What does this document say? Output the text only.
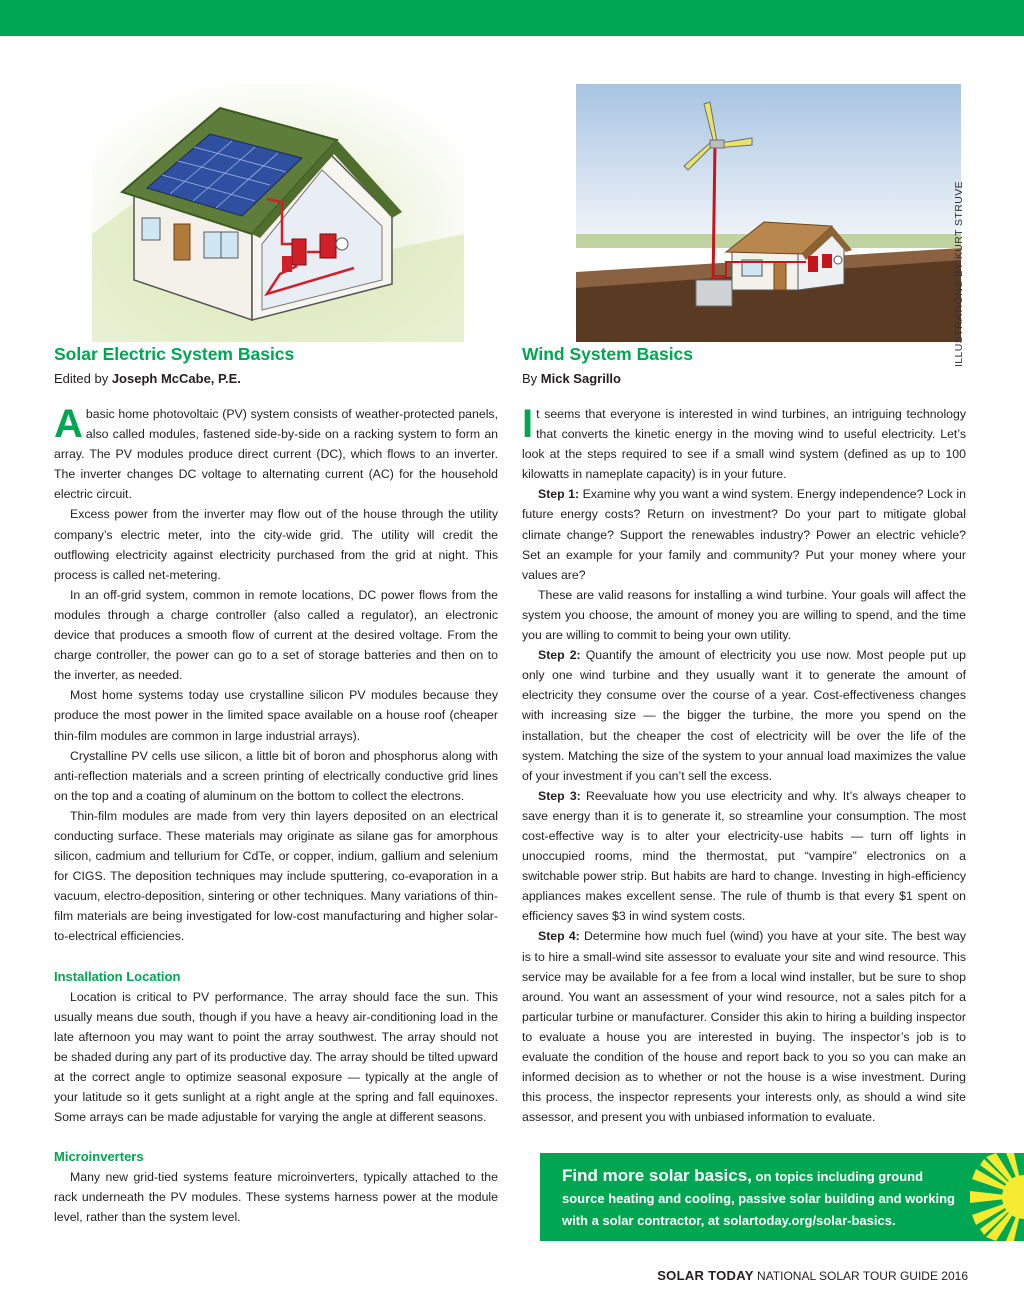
ILLUSTRATIONS BY KURT STRUVE
Solar Electric System Basics
Edited by Joseph McCabe, P.E.

Abasic home photovoltaic (PV) system consists of weather-protected panels, also called modules, fastened side-by-side on a racking system to form an array. The PV modules produce direct current (DC), which flows to an inverter. The inverter changes DC voltage to alternating current (AC) for the household electric circuit.

Excess power from the inverter may flow out of the house through the utility company’s electric meter, into the city-wide grid. The utility will credit the outflowing electricity against electricity purchased from the grid at night. This process is called net-metering.

In an off-grid system, common in remote locations, DC power flows from the modules through a charge controller (also called a regulator), an electronic device that produces a smooth flow of current at the desired voltage. From the charge controller, the power can go to a set of storage batteries and then on to the inverter, as needed.

Most home systems today use crystalline silicon PV modules because they produce the most power in the limited space available on a house roof (cheaper thin-film modules are common in large industrial arrays).

Crystalline PV cells use silicon, a little bit of boron and phosphorus along with anti-reflection materials and a screen printing of electrically conductive grid lines on the top and a coating of aluminum on the bottom to collect the electrons.

Thin-film modules are made from very thin layers deposited on an electrical conducting surface. These materials may originate as silane gas for amorphous silicon, cadmium and tellurium for CdTe, or copper, indium, gallium and selenium for CIGS. The deposition techniques may include sputtering, co-evaporation in a vacuum, electro-deposition, sintering or other techniques. Many variations of thin-film materials are being investigated for low-cost manufacturing and higher solar-to-electrical efficiencies.

Installation Location

Location is critical to PV performance. The array should face the sun. This usually means due south, though if you have a heavy air-conditioning load in the late afternoon you may want to point the array southwest. The array should not be shaded during any part of its productive day. The array should be tilted upward at the correct angle to optimize seasonal exposure — typically at the angle of your latitude so it gets sunlight at a right angle at the spring and fall equinoxes. Some arrays can be made adjustable for varying the angle at different seasons.

Microinverters

Many new grid-tied systems feature microinverters, typically attached to the rack underneath the PV modules. These systems harness power at the module level, rather than the system level.

Wind System Basics
By Mick Sagrillo

It seems that everyone is interested in wind turbines, an intriguing technology that converts the kinetic energy in the moving wind to useful electricity. Let’s look at the steps required to see if a small wind system (defined as up to 100 kilowatts in nameplate capacity) is in your future.

Step 1: Examine why you want a wind system. Energy independence? Lock in future energy costs? Return on investment? Do your part to mitigate global climate change? Support the renewables industry? Power an electric vehicle? Set an example for your family and community? Put your money where your values are?

These are valid reasons for installing a wind turbine. Your goals will affect the system you choose, the amount of money you are willing to spend, and the time you are willing to commit to being your own utility.

Step 2: Quantify the amount of electricity you use now. Most people put up only one wind turbine and they usually want it to generate the amount of electricity they consume over the course of a year. Cost-effectiveness changes with increasing size — the bigger the turbine, the more you spend on the installation, but the cheaper the cost of electricity will be over the life of the system. Matching the size of the system to your annual load maximizes the value of your investment if you can’t sell the excess.

Step 3: Reevaluate how you use electricity and why. It’s always cheaper to save energy than it is to generate it, so streamline your consumption. The most cost-effective way is to alter your electricity-use habits — turn off lights in unoccupied rooms, mind the thermostat, put “vampire” electronics on a switchable power strip. But habits are hard to change. Investing in high-efficiency appliances makes excellent sense. The rule of thumb is that every $1 spent on efficiency saves $3 in wind system costs.

Step 4: Determine how much fuel (wind) you have at your site. The best way is to hire a small-wind site assessor to evaluate your site and wind resource. This service may be available for a fee from a local wind installer, but be sure to shop around. You want an assessment of your wind resource, not a sales pitch for a particular turbine or manufacturer. Consider this akin to hiring a building inspector to evaluate a house you are interested in buying. The inspector’s job is to evaluate the condition of the house and report back to you so you can make an informed decision as to whether or not the house is a wise investment. During this process, the inspector represents your interests only, as should a wind site assessor, and present you with unbiased information to evaluate.

Find more solar basics, on topics including ground source heating and cooling, passive solar building and working with a solar contractor, at solartoday.org/solar-basics.
SOLAR TODAY NATIONAL SOLAR TOUR GUIDE 2016
